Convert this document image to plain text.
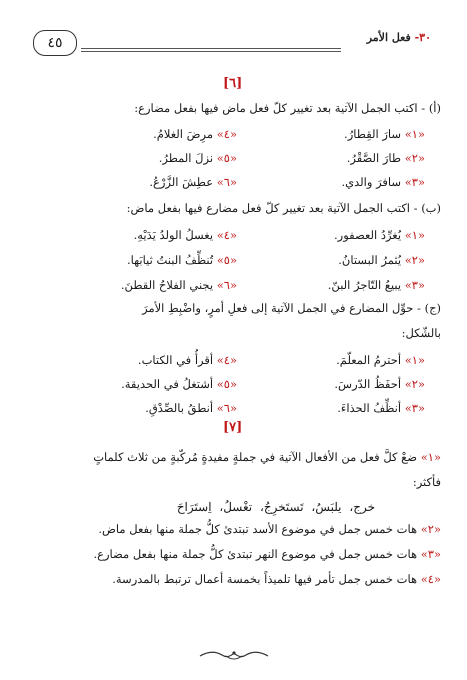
٣٠- فعل الأمر
٤٥
[٦]
(أ) - اكتب الجمل الآتية بعد تغيير كلّ فعل ماض فيها بفعل مضارع:
«١» سارَ القِطارُ.
«٤» مرِضَ الغلامُ.
«٢» طارَ الصَّقْرُ.
«٥» نزلَ المطرُ.
«٣» سافرَ والدي.
«٦» عطِشَ الزَّرْعُ.
(ب) - اكتب الجمل الآتية بعد تغيير كلّ فعل مضارع فيها بفعل ماض:
«١» يُغرِّدُ العصفور.
«٤» يغسلُ الولدُ يَدَيْهِ.
«٢» يُثمرُ البستانُ.
«٥» تُنظِّفُ البنتُ ثيابَها.
«٣» يبيعُ التّاجرُ البنّ.
«٦» يجني الفلاحُ القطنَ.
(ج) - حوِّل المضارع في الجمل الآتية إلى فعلِ أمرٍ، واضْبِطِ الأمرَ
بالشّكل:
«١» أحترمُ المعلّمَ.
«٤» أقرأُ في الكتاب.
«٢» أحفَظُ الدّرسَ.
«٥» أشتغلُ في الحديقة.
«٣» أنظِّفُ الحذاءَ.
«٦» أنطقُ بالصِّدْقِ.
[٧]
«١» ضعْ كلَّ فعل من الأفعال الآتية في جملةٍ مفيدةٍ مُركّبةٍ من ثلاث كلماتٍ
فأكثر:
خرج، يلبَسُ، تَستَخرِجُ، تغْسلُ، اِستَرَاحَ
«٢» هات خمس جمل في موضوع الأسد تبتدئ كلُّ جملة منها بفعل ماض.
«٣» هات خمس جمل في موضوع النهر تبتدئ كلُّ جملة منها بفعل مضارع.
«٤» هات خمس جمل تأمر فيها تلميذاً بخمسة أعمال ترتبط بالمدرسة.
